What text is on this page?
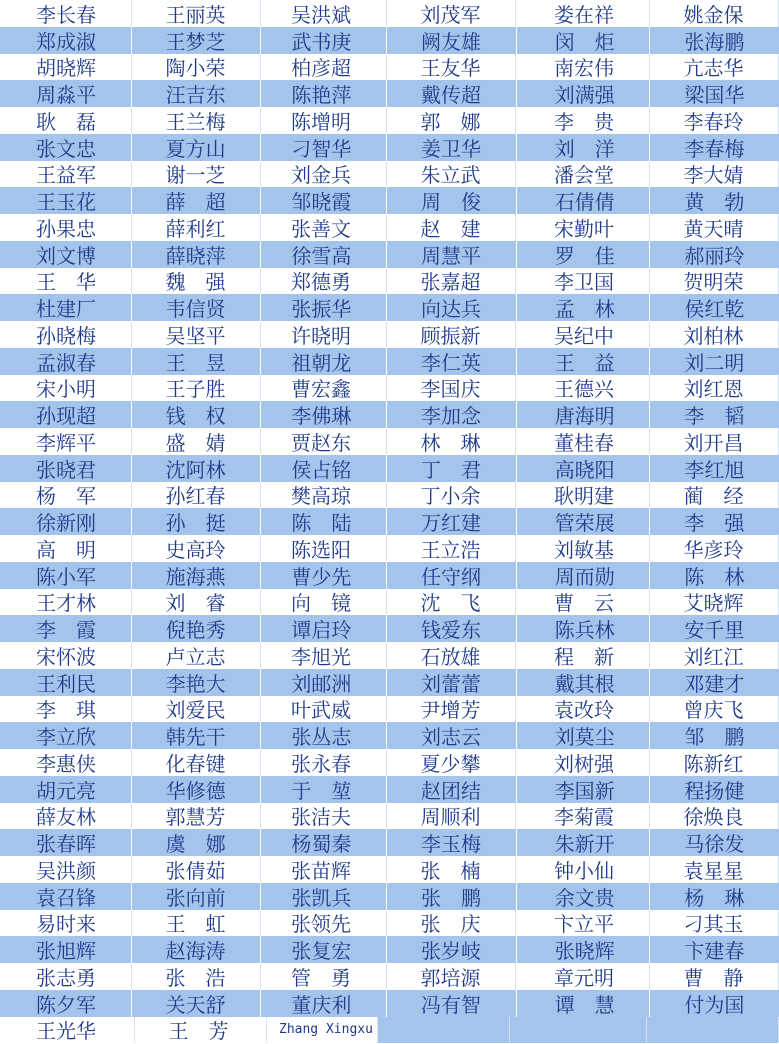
李长春	王丽英	吴洪斌	刘茂军	娄在祥	姚金保
郑成淑	王梦芝	武书庚	阙友雄	闵　炬	张海鹏
胡晓辉	陶小荣	柏彦超	王友华	南宏伟	亢志华
周淼平	汪吉东	陈艳萍	戴传超	刘满强	梁国华
耿　磊	王兰梅	陈增明	郭　娜	李　贵	李春玲
张文忠	夏方山	刁智华	姜卫华	刘　洋	李春梅
王益军	谢一芝	刘金兵	朱立武	潘会堂	李大婧
王玉花	薛　超	邹晓霞	周　俊	石倩倩	黄　勃
孙果忠	薛利红	张善文	赵　建	宋勤叶	黄天晴
刘文博	薛晓萍	徐雪高	周慧平	罗　佳	郝丽玲
王　华	魏　强	郑德勇	张嘉超	李卫国	贺明荣
杜建厂	韦信贤	张振华	向达兵	孟　林	侯红乾
孙晓梅	吴坚平	许晓明	顾振新	吴纪中	刘柏林
孟淑春	王　昱	祖朝龙	李仁英	王　益	刘二明
宋小明	王子胜	曹宏鑫	李国庆	王德兴	刘红恩
孙现超	钱　权	李佛琳	李加念	唐海明	李　韬
李辉平	盛　婧	贾赵东	林　琳	董桂春	刘开昌
张晓君	沈阿林	侯占铭	丁　君	高晓阳	李红旭
杨　军	孙红春	樊高琼	丁小余	耿明建	蔺　经
徐新刚	孙　挺	陈　陆	万红建	管荣展	李　强
高　明	史高玲	陈选阳	王立浩	刘敏基	华彦玲
陈小军	施海燕	曹少先	任守纲	周而勋	陈　林
王才林	刘　睿	向　镜	沈　飞	曹　云	艾晓辉
李　霞	倪艳秀	谭启玲	钱爱东	陈兵林	安千里
宋怀波	卢立志	李旭光	石放雄	程　新	刘红江
王利民	李艳大	刘邮洲	刘蕾蕾	戴其根	邓建才
李　琪	刘爱民	叶武威	尹增芳	袁改玲	曾庆飞
李立欣	韩先干	张丛志	刘志云	刘莫尘	邹　鹏
李惠侠	化春键	张永春	夏少攀	刘树强	陈新红
胡元亮	华修德	于　堃	赵团结	李国新	程扬健
薛友林	郭慧芳	张洁夫	周顺利	李菊霞	徐焕良
张春晖	虞　娜	杨蜀秦	李玉梅	朱新开	马徐发
吴洪颜	张倩茹	张苗辉	张　楠	钟小仙	袁星星
袁召锋	张向前	张凯兵	张　鹏	余文贵	杨　琳
易时来	王　虹	张领先	张　庆	卞立平	刁其玉
张旭辉	赵海涛	张复宏	张岁岐	张晓辉	卞建春
张志勇	张　浩	管　勇	郭培源	章元明	曹　静
陈夕军	关天舒	董庆利	冯有智	谭　慧	付为国
王光华	王　芳	Zhang Xingxu
